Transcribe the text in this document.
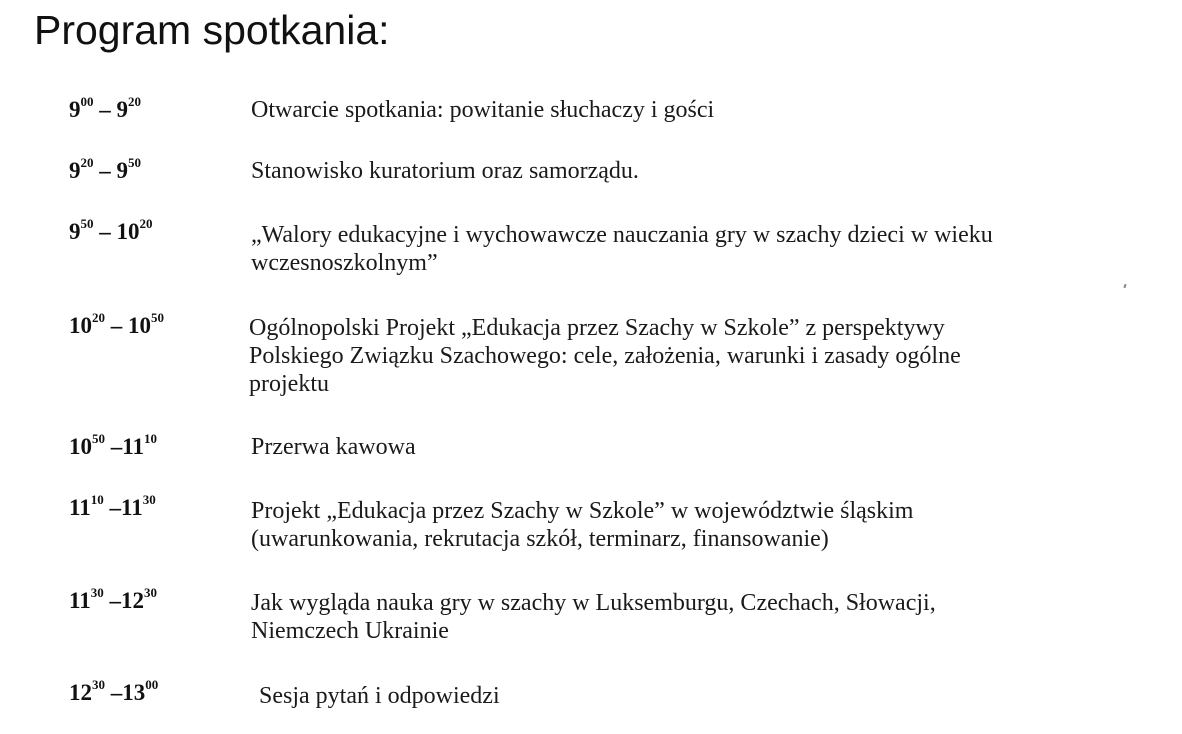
Program spotkania:
$9^{00} - 9^{20}$	Otwarcie spotkania: powitanie słuchaczy i gości
$9^{20} - 9^{50}$	Stanowisko kuratorium oraz samorządu.
$9^{50} - 10^{20}$	„Walory edukacyjne i wychowawcze nauczania gry w szachy dzieci w wieku
wczesnoszkolnym”
$10^{20} - 10^{50}$	Ogólnopolski Projekt „Edukacja przez Szachy w Szkole” z perspektywy
Polskiego Związku Szachowego: cele, założenia, warunki i zasady ogólne
projektu
$10^{50}$ $-11^{10}$	Przerwa kawowa
$11^{10}$ $-11^{30}$	Projekt „Edukacja przez Szachy w Szkole” w województwie śląskim
(uwarunkowania, rekrutacja szkół, terminarz, finansowanie)
$11^{30}$ $-12^{30}$	Jak wygląda nauka gry w szachy w Luksemburgu, Czechach, Słowacji,
Niemczech Ukrainie
$12^{30}$ $-13^{00}$	Sesja pytań i odpowiedzi
